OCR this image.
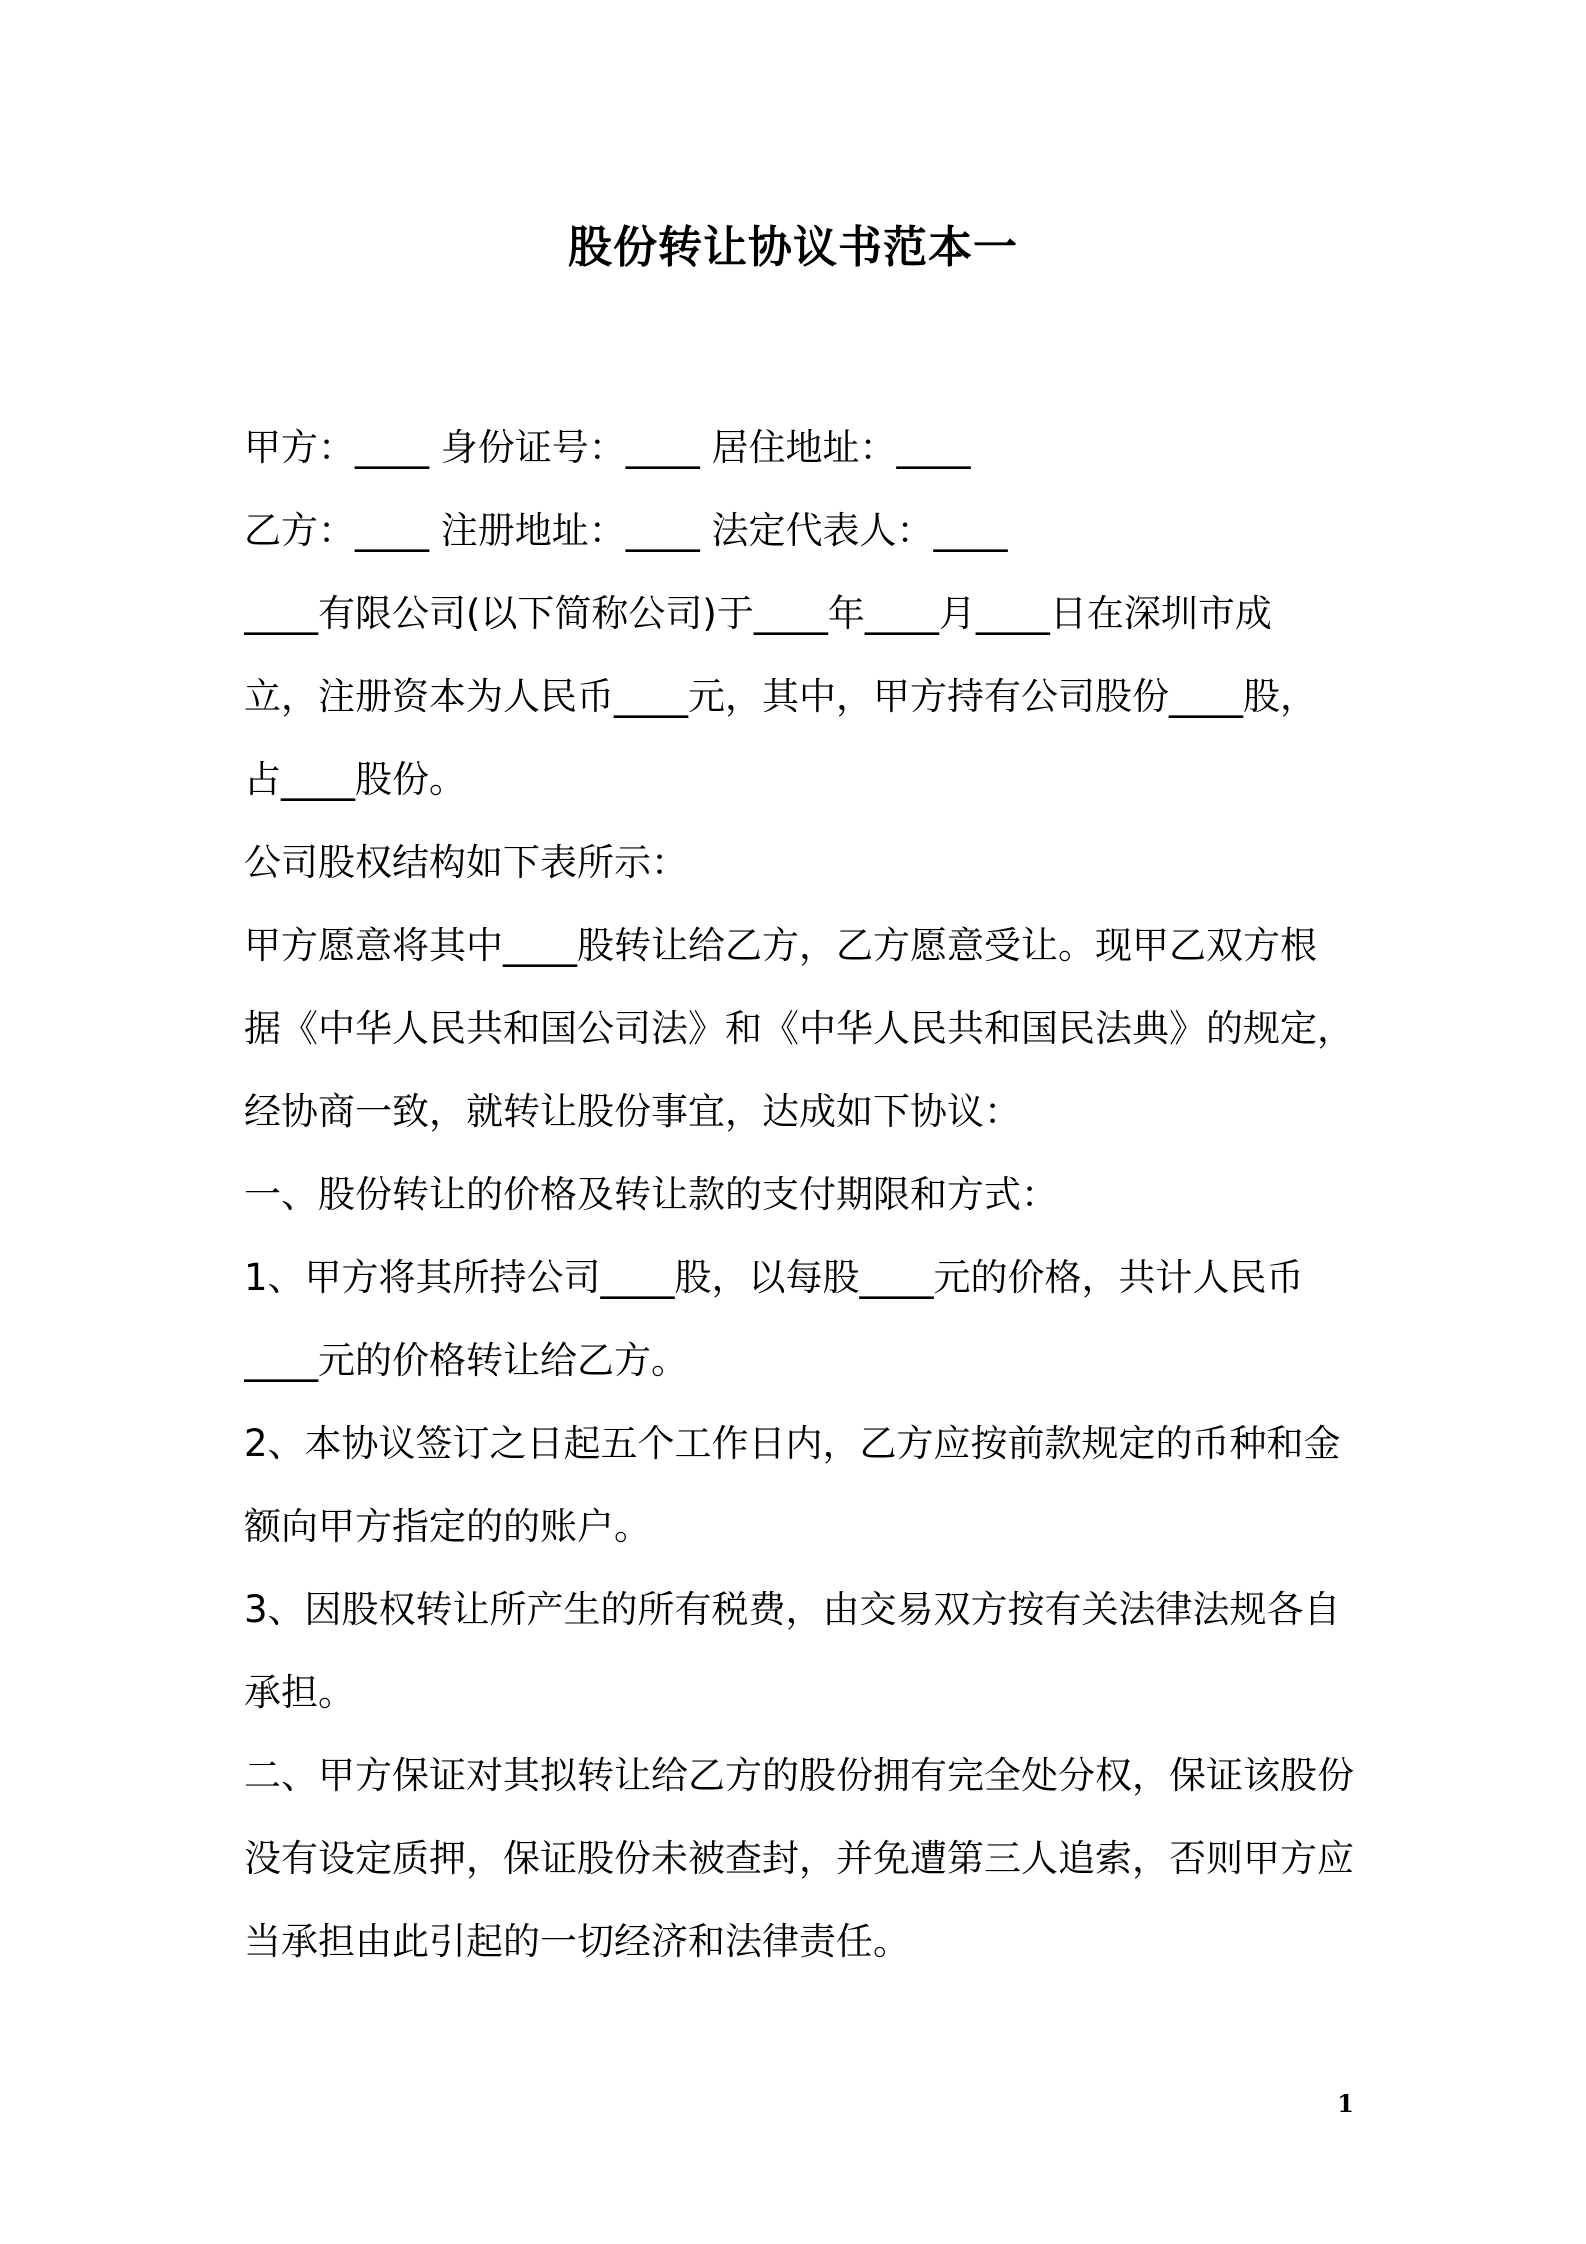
股份转让协议书范本一
甲方：____ 身份证号：____ 居住地址：____
乙方：____ 注册地址：____ 法定代表人：____
____有限公司(以下简称公司)于____年____月____日在深圳市成
立，注册资本为人民币____元，其中，甲方持有公司股份____股，
占____股份。
公司股权结构如下表所示：
甲方愿意将其中____股转让给乙方，乙方愿意受让。现甲乙双方根
据《中华人民共和国公司法》和《中华人民共和国民法典》的规定，
经协商一致，就转让股份事宜，达成如下协议：
一、股份转让的价格及转让款的支付期限和方式：
1、甲方将其所持公司____股，以每股____元的价格，共计人民币
____元的价格转让给乙方。
2、本协议签订之日起五个工作日内，乙方应按前款规定的币种和金
额向甲方指定的的账户。
3、因股权转让所产生的所有税费，由交易双方按有关法律法规各自
承担。
二、甲方保证对其拟转让给乙方的股份拥有完全处分权，保证该股份
没有设定质押，保证股份未被查封，并免遭第三人追索，否则甲方应
当承担由此引起的一切经济和法律责任。
1
